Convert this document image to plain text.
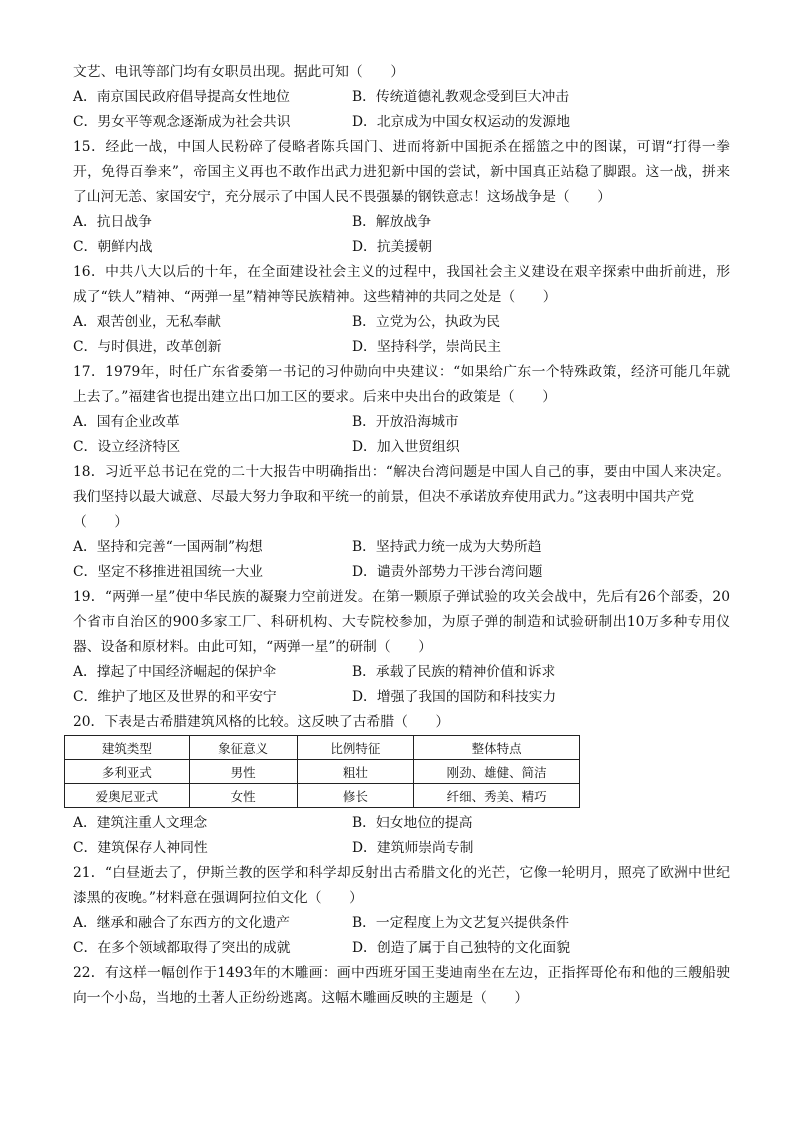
文艺、电讯等部门均有女职员出现。据此可知（　　）
A．南京国民政府倡导提高女性地位	B．传统道德礼教观念受到巨大冲击
C．男女平等观念逐渐成为社会共识	D．北京成为中国女权运动的发源地
15．经此一战，中国人民粉碎了侵略者陈兵国门、进而将新中国扼杀在摇篮之中的图谋，可谓“打得一拳
开，免得百拳来”，帝国主义再也不敢作出武力进犯新中国的尝试，新中国真正站稳了脚跟。这一战，拼来
了山河无恙、家国安宁，充分展示了中国人民不畏强暴的钢铁意志！这场战争是（　　）
A．抗日战争	B．解放战争
C．朝鲜内战	D．抗美援朝
16．中共八大以后的十年，在全面建设社会主义的过程中，我国社会主义建设在艰辛探索中曲折前进，形
成了“铁人”精神、“两弹一星”精神等民族精神。这些精神的共同之处是（　　）
A．艰苦创业，无私奉献	B．立党为公，执政为民
C．与时俱进，改革创新	D．坚持科学，崇尚民主
17．1979年，时任广东省委第一书记的习仲勋向中央建议：“如果给广东一个特殊政策，经济可能几年就
上去了。”福建省也提出建立出口加工区的要求。后来中央出台的政策是（　　）
A．国有企业改革	B．开放沿海城市
C．设立经济特区	D．加入世贸组织
18．习近平总书记在党的二十大报告中明确指出：“解决台湾问题是中国人自己的事，要由中国人来决定。
我们坚持以最大诚意、尽最大努力争取和平统一的前景，但决不承诺放弃使用武力。”这表明中国共产党
（　　）
A．坚持和完善“一国两制”构想	B．坚持武力统一成为大势所趋
C．坚定不移推进祖国统一大业	D．谴责外部势力干涉台湾问题
19．“两弹一星”使中华民族的凝聚力空前迸发。在第一颗原子弹试验的攻关会战中，先后有26个部委，20
个省市自治区的900多家工厂、科研机构、大专院校参加，为原子弹的制造和试验研制出10万多种专用仪
器、设备和原材料。由此可知，“两弹一星”的研制（　　）
A．撑起了中国经济崛起的保护伞	B．承载了民族的精神价值和诉求
C．维护了地区及世界的和平安宁	D．增强了我国的国防和科技实力
20．下表是古希腊建筑风格的比较。这反映了古希腊（　　）
建筑类型	象征意义	比例特征	整体特点
多利亚式	男性	粗壮	刚劲、雄健、简洁
爱奥尼亚式	女性	修长	纤细、秀美、精巧
A．建筑注重人文理念	B．妇女地位的提高
C．建筑保存人神同性	D．建筑师崇尚专制
21．“白昼逝去了，伊斯兰教的医学和科学却反射出古希腊文化的光芒，它像一轮明月，照亮了欧洲中世纪
漆黑的夜晚。”材料意在强调阿拉伯文化（　　）
A．继承和融合了东西方的文化遗产	B．一定程度上为文艺复兴提供条件
C．在多个领域都取得了突出的成就	D．创造了属于自己独特的文化面貌
22．有这样一幅创作于1493年的木雕画：画中西班牙国王斐迪南坐在左边，正指挥哥伦布和他的三艘船驶
向一个小岛，当地的土著人正纷纷逃离。这幅木雕画反映的主题是（　　）
